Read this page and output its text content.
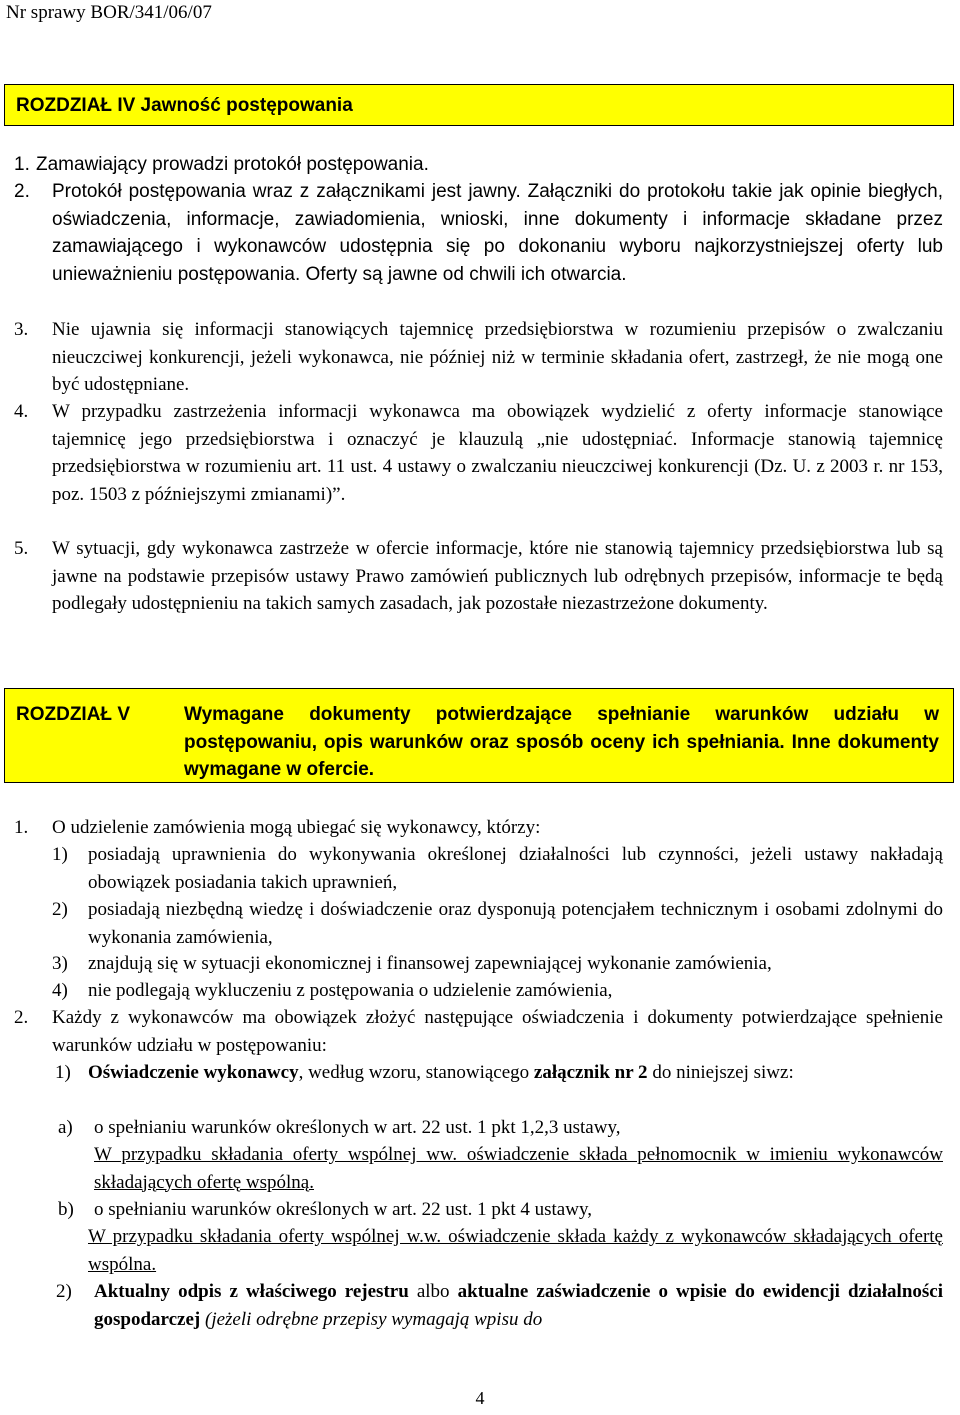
Nr sprawy BOR/341/06/07
ROZDZIAŁ IV Jawność postępowania
1. Zamawiający prowadzi protokół postępowania.
2. Protokół postępowania wraz z załącznikami jest jawny. Załączniki do protokołu takie jak opinie biegłych, oświadczenia, informacje, zawiadomienia, wnioski, inne dokumenty i informacje składane przez zamawiającego i wykonawców udostępnia się po dokonaniu wyboru najkorzystniejszej oferty lub unieważnieniu postępowania. Oferty są jawne od chwili ich otwarcia.
3. Nie ujawnia się informacji stanowiących tajemnicę przedsiębiorstwa w rozumieniu przepisów o zwalczaniu nieuczciwej konkurencji, jeżeli wykonawca, nie później niż w terminie składania ofert, zastrzegł, że nie mogą one być udostępniane.
4. W przypadku zastrzeżenia informacji wykonawca ma obowiązek wydzielić z oferty informacje stanowiące tajemnicę jego przedsiębiorstwa i oznaczyć je klauzulą „nie udostępniać. Informacje stanowią tajemnicę przedsiębiorstwa w rozumieniu art. 11 ust. 4 ustawy o zwalczaniu nieuczciwej konkurencji (Dz. U. z 2003 r. nr 153, poz. 1503 z późniejszymi zmianami)”.
5. W sytuacji, gdy wykonawca zastrzeże w ofercie informacje, które nie stanowią tajemnicy przedsiębiorstwa lub są jawne na podstawie przepisów ustawy Prawo zamówień publicznych lub odrębnych przepisów, informacje te będą podlegały udostępnieniu na takich samych zasadach, jak pozostałe niezastrzeżone dokumenty.
ROZDZIAŁ V	Wymagane dokumenty potwierdzające spełnianie warunków udziału w postępowaniu, opis warunków oraz sposób oceny ich spełniania. Inne dokumenty wymagane w ofercie.
1. O udzielenie zamówienia mogą ubiegać się wykonawcy, którzy:
1) posiadają uprawnienia do wykonywania określonej działalności lub czynności, jeżeli ustawy nakładają obowiązek posiadania takich uprawnień,
2) posiadają niezbędną wiedzę i doświadczenie oraz dysponują potencjałem technicznym i osobami zdolnymi do wykonania zamówienia,
3) znajdują się w sytuacji ekonomicznej i finansowej zapewniającej wykonanie zamówienia,
4) nie podlegają wykluczeniu z postępowania o udzielenie zamówienia,
2. Każdy z wykonawców ma obowiązek złożyć następujące oświadczenia i dokumenty potwierdzające spełnienie warunków udziału w postępowaniu:
1) Oświadczenie wykonawcy, według wzoru, stanowiącego załącznik nr 2 do niniejszej siwz:
a) o spełnianiu warunków określonych w art. 22 ust. 1 pkt 1,2,3 ustawy,
W przypadku składania oferty wspólnej ww. oświadczenie składa pełnomocnik w imieniu wykonawców składających ofertę wspólną.
b) o spełnianiu warunków określonych w art. 22 ust. 1 pkt 4 ustawy,
W przypadku składania oferty wspólnej w.w. oświadczenie składa każdy z wykonawców składających ofertę wspólna.
2) Aktualny odpis z właściwego rejestru albo aktualne zaświadczenie o wpisie do ewidencji działalności gospodarczej (jeżeli odrębne przepisy wymagają wpisu do
4
